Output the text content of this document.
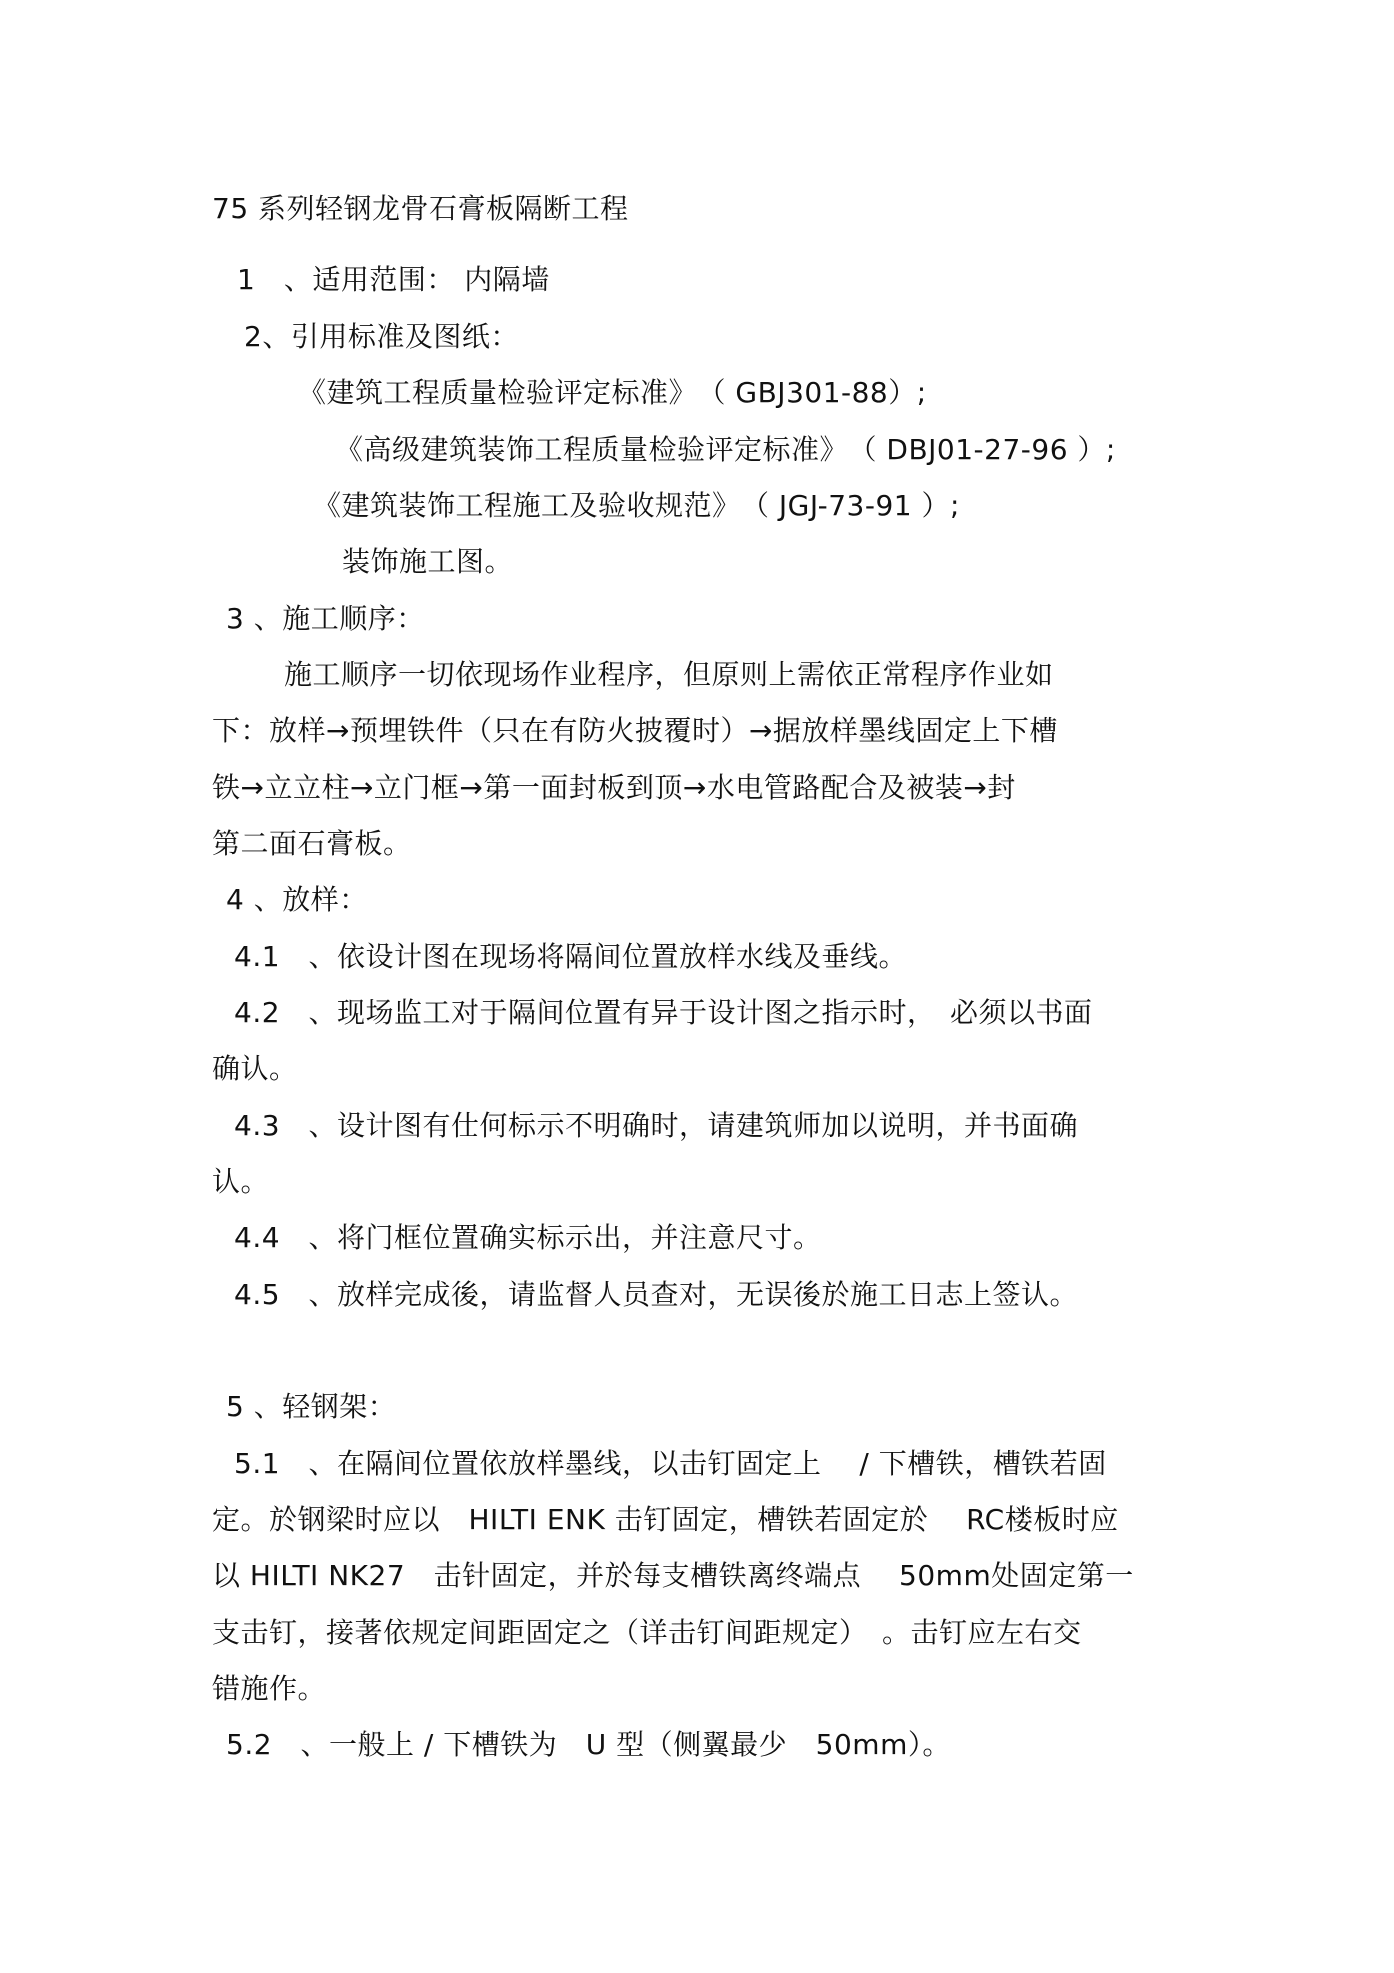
75 系列轻钢龙骨石膏板隔断工程
1　、适用范围： 内隔墙
2、引用标准及图纸：
《建筑工程质量检验评定标准》　（ GBJ301-88）;
《高级建筑装饰工程质量检验评定标准》　（ DBJ01-27-96 ）;
《建筑装饰工程施工及验收规范》　（ JGJ-73-91 ）;
装饰施工图。
3 、施工顺序：
施工顺序一切依现场作业程序，但原则上需依正常程序作业如
下：放样→预埋铁件（只在有防火披覆时）→据放样墨线固定上下槽
铁→立立柱→立门框→第一面封板到顶→水电管路配合及被装→封
第二面石膏板。
4 、放样：
4.1　、依设计图在现场将隔间位置放样水线及垂线。
4.2　、现场监工对于隔间位置有异于设计图之指示时，　必须以书面
确认。
4.3　、设计图有仕何标示不明确时，请建筑师加以说明，并书面确
认。
4.4　、将门框位置确实标示出，并注意尺寸。
4.5　、放样完成後，请监督人员查对，无误後於施工日志上签认。
5 、轻钢架：
5.1　、在隔间位置依放样墨线，以击钉固定上　 / 下槽铁，槽铁若固
定。於钢梁时应以　HILTI ENK 击钉固定，槽铁若固定於　 RC楼板时应
以 HILTI NK27　击针固定，并於每支槽铁离终端点　 50mm处固定第一
支击钉，接著依规定间距固定之（详击钉间距规定）　。击钉应左右交
错施作。
5.2　、一般上 / 下槽铁为　U 型（侧翼最少　50mm）。
